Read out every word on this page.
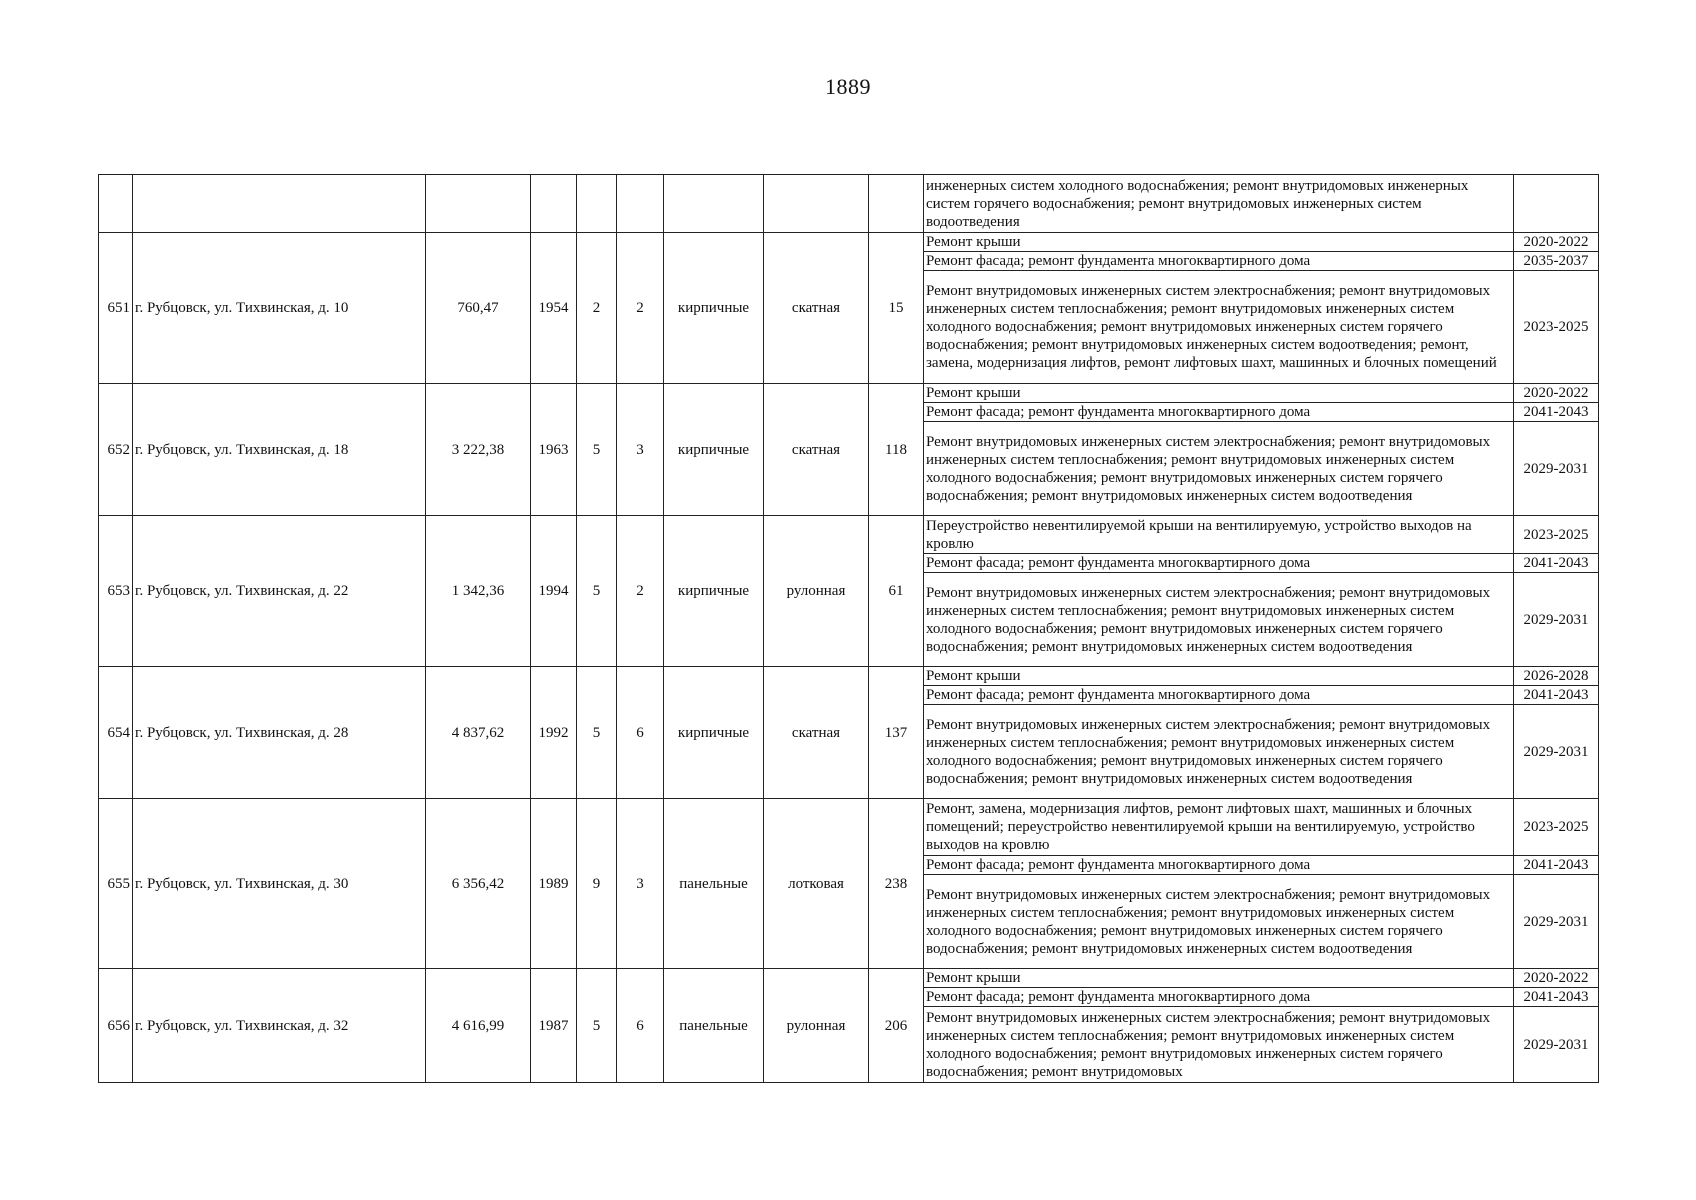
1889
									инженерных систем холодного водоснабжения; ремонт внутридомовых инженерных систем горячего водоснабжения; ремонт внутридомовых инженерных систем водоотведения	
651	г. Рубцовск, ул. Тихвинская, д. 10	760,47	1954	2	2	кирпичные	скатная	15	Ремонт крыши	2020-2022
									Ремонт фасада; ремонт фундамента многоквартирного дома	2035-2037
									Ремонт внутридомовых инженерных систем электроснабжения; ремонт внутридомовых инженерных систем теплоснабжения; ремонт внутридомовых инженерных систем холодного водоснабжения; ремонт внутридомовых инженерных систем горячего водоснабжения; ремонт внутридомовых инженерных систем водоотведения; ремонт, замена, модернизация лифтов, ремонт лифтовых шахт, машинных и блочных помещений	2023-2025
652	г. Рубцовск, ул. Тихвинская, д. 18	3 222,38	1963	5	3	кирпичные	скатная	118	Ремонт крыши	2020-2022
									Ремонт фасада; ремонт фундамента многоквартирного дома	2041-2043
									Ремонт внутридомовых инженерных систем электроснабжения; ремонт внутридомовых инженерных систем теплоснабжения; ремонт внутридомовых инженерных систем холодного водоснабжения; ремонт внутридомовых инженерных систем горячего водоснабжения; ремонт внутридомовых инженерных систем водоотведения	2029-2031
653	г. Рубцовск, ул. Тихвинская, д. 22	1 342,36	1994	5	2	кирпичные	рулонная	61	Переустройство невентилируемой крыши на вентилируемую, устройство выходов на кровлю	2023-2025
									Ремонт фасада; ремонт фундамента многоквартирного дома	2041-2043
									Ремонт внутридомовых инженерных систем электроснабжения; ремонт внутридомовых инженерных систем теплоснабжения; ремонт внутридомовых инженерных систем холодного водоснабжения; ремонт внутридомовых инженерных систем горячего водоснабжения; ремонт внутридомовых инженерных систем водоотведения	2029-2031
654	г. Рубцовск, ул. Тихвинская, д. 28	4 837,62	1992	5	6	кирпичные	скатная	137	Ремонт крыши	2026-2028
									Ремонт фасада; ремонт фундамента многоквартирного дома	2041-2043
									Ремонт внутридомовых инженерных систем электроснабжения; ремонт внутридомовых инженерных систем теплоснабжения; ремонт внутридомовых инженерных систем холодного водоснабжения; ремонт внутридомовых инженерных систем горячего водоснабжения; ремонт внутридомовых инженерных систем водоотведения	2029-2031
655	г. Рубцовск, ул. Тихвинская, д. 30	6 356,42	1989	9	3	панельные	лотковая	238	Ремонт, замена, модернизация лифтов, ремонт лифтовых шахт, машинных и блочных помещений; переустройство невентилируемой крыши на вентилируемую, устройство выходов на кровлю	2023-2025
									Ремонт фасада; ремонт фундамента многоквартирного дома	2041-2043
									Ремонт внутридомовых инженерных систем электроснабжения; ремонт внутридомовых инженерных систем теплоснабжения; ремонт внутридомовых инженерных систем холодного водоснабжения; ремонт внутридомовых инженерных систем горячего водоснабжения; ремонт внутридомовых инженерных систем водоотведения	2029-2031
656	г. Рубцовск, ул. Тихвинская, д. 32	4 616,99	1987	5	6	панельные	рулонная	206	Ремонт крыши	2020-2022
									Ремонт фасада; ремонт фундамента многоквартирного дома	2041-2043
									Ремонт внутридомовых инженерных систем электроснабжения; ремонт внутридомовых инженерных систем теплоснабжения; ремонт внутридомовых инженерных систем холодного водоснабжения; ремонт внутридомовых инженерных систем горячего водоснабжения; ремонт внутридомовых	2029-2031
